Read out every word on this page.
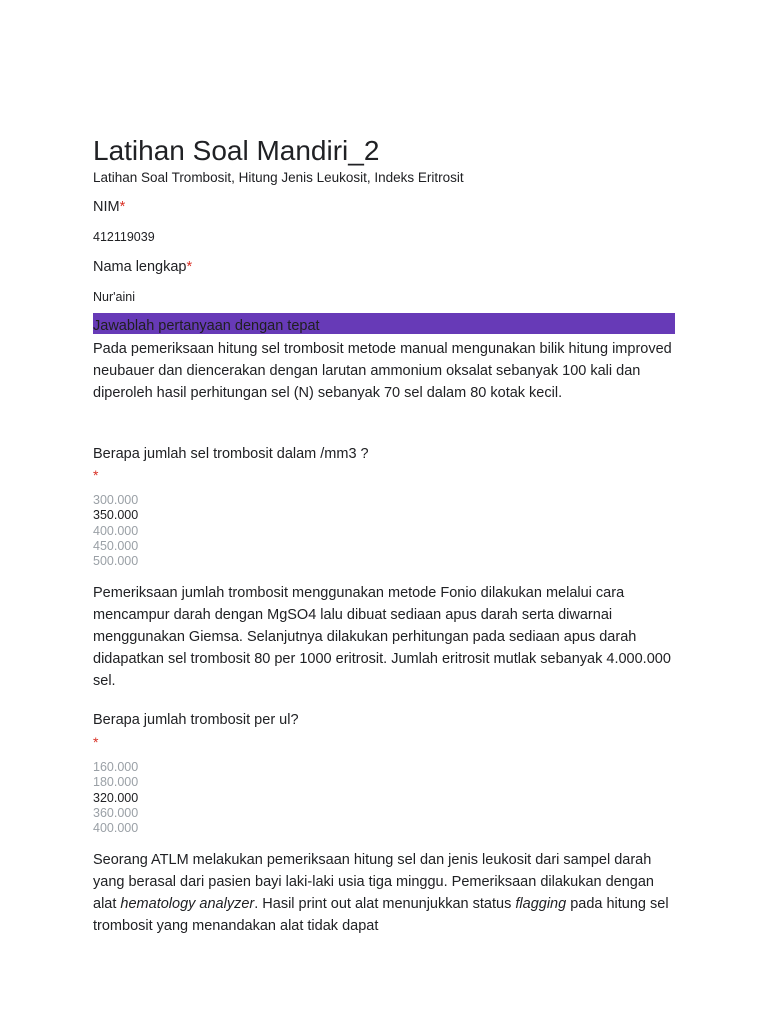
Latihan Soal Mandiri_2
Latihan Soal Trombosit, Hitung Jenis Leukosit, Indeks Eritrosit
NIM*
412119039
Nama lengkap*
Nur'aini
Jawablah pertanyaan dengan tepat
Pada pemeriksaan hitung sel trombosit metode manual mengunakan bilik hitung improved neubauer dan diencerakan dengan larutan ammonium oksalat sebanyak 100 kali dan diperoleh hasil perhitungan sel (N) sebanyak 70 sel dalam 80 kotak kecil.
Berapa jumlah sel trombosit dalam /mm3 ?
*
300.000
350.000
400.000
450.000
500.000
Pemeriksaan jumlah trombosit menggunakan metode Fonio dilakukan melalui cara mencampur darah dengan MgSO4 lalu dibuat sediaan apus darah serta diwarnai menggunakan Giemsa. Selanjutnya dilakukan perhitungan pada sediaan apus darah didapatkan sel trombosit 80 per 1000 eritrosit. Jumlah eritrosit mutlak sebanyak 4.000.000 sel.
Berapa jumlah trombosit per ul?
*
160.000
180.000
320.000
360.000
400.000
Seorang ATLM melakukan pemeriksaan hitung sel dan jenis leukosit dari sampel darah yang berasal dari pasien bayi laki-laki usia tiga minggu. Pemeriksaan dilakukan dengan alat hematology analyzer. Hasil print out alat menunjukkan status flagging pada hitung sel trombosit yang menandakan alat tidak dapat
